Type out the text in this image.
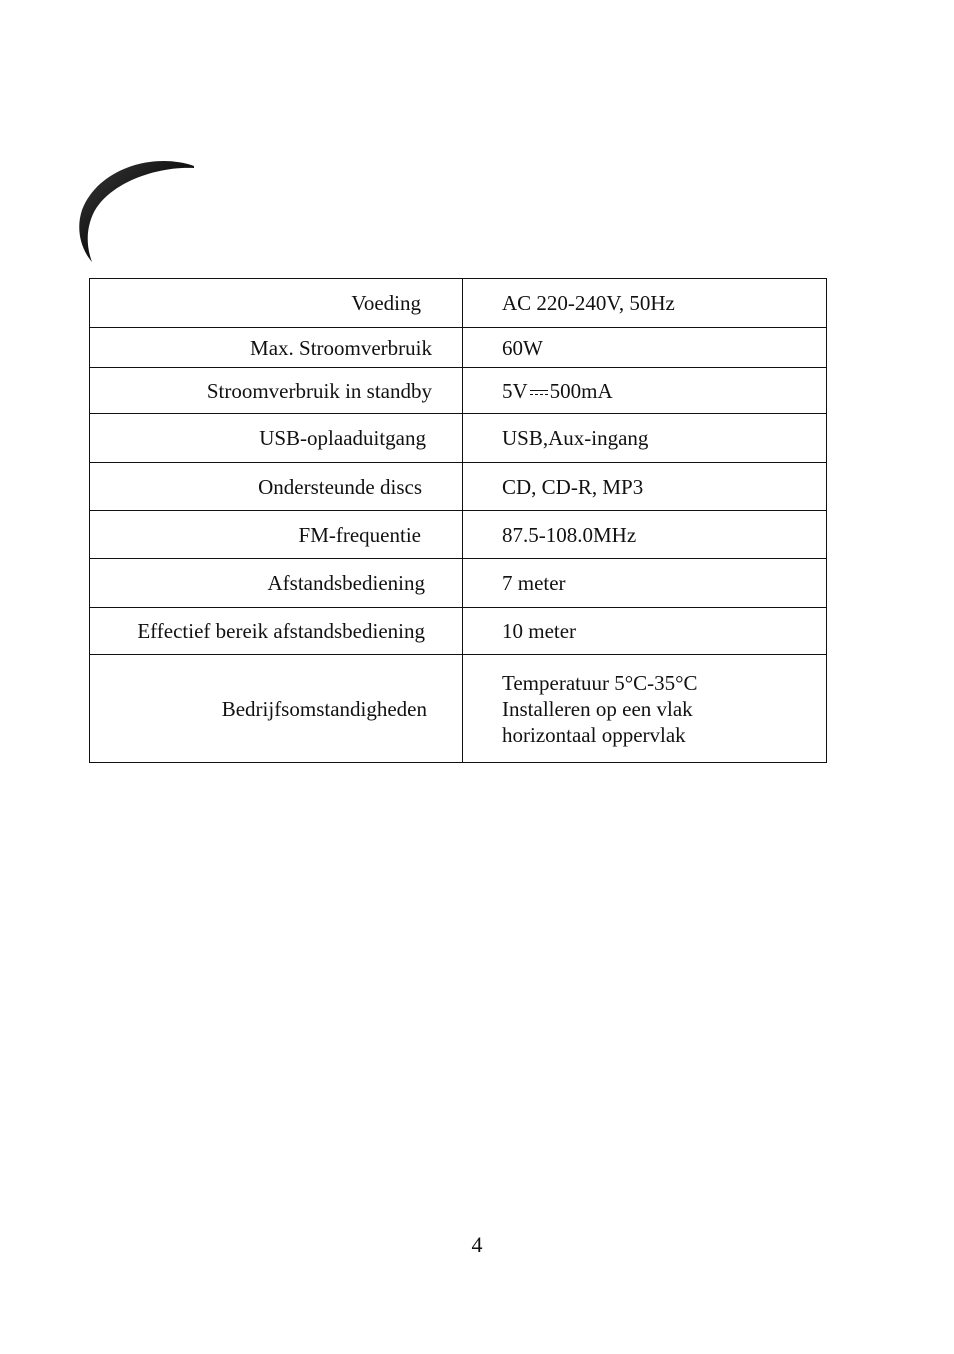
Voeding	AC 220-240V, 50Hz
Max. Stroomverbruik	60W
Stroomverbruik in standby	5V 500mA
USB-oplaaduitgang	USB,Aux-ingang
Ondersteunde discs	CD, CD-R, MP3
FM-frequentie	87.5-108.0MHz
Afstandsbediening	7 meter
Effectief bereik afstandsbediening	10 meter
Bedrijfsomstandigheden	Temperatuur 5°C-35°C
Installeren op een vlak
horizontaal oppervlak
4
